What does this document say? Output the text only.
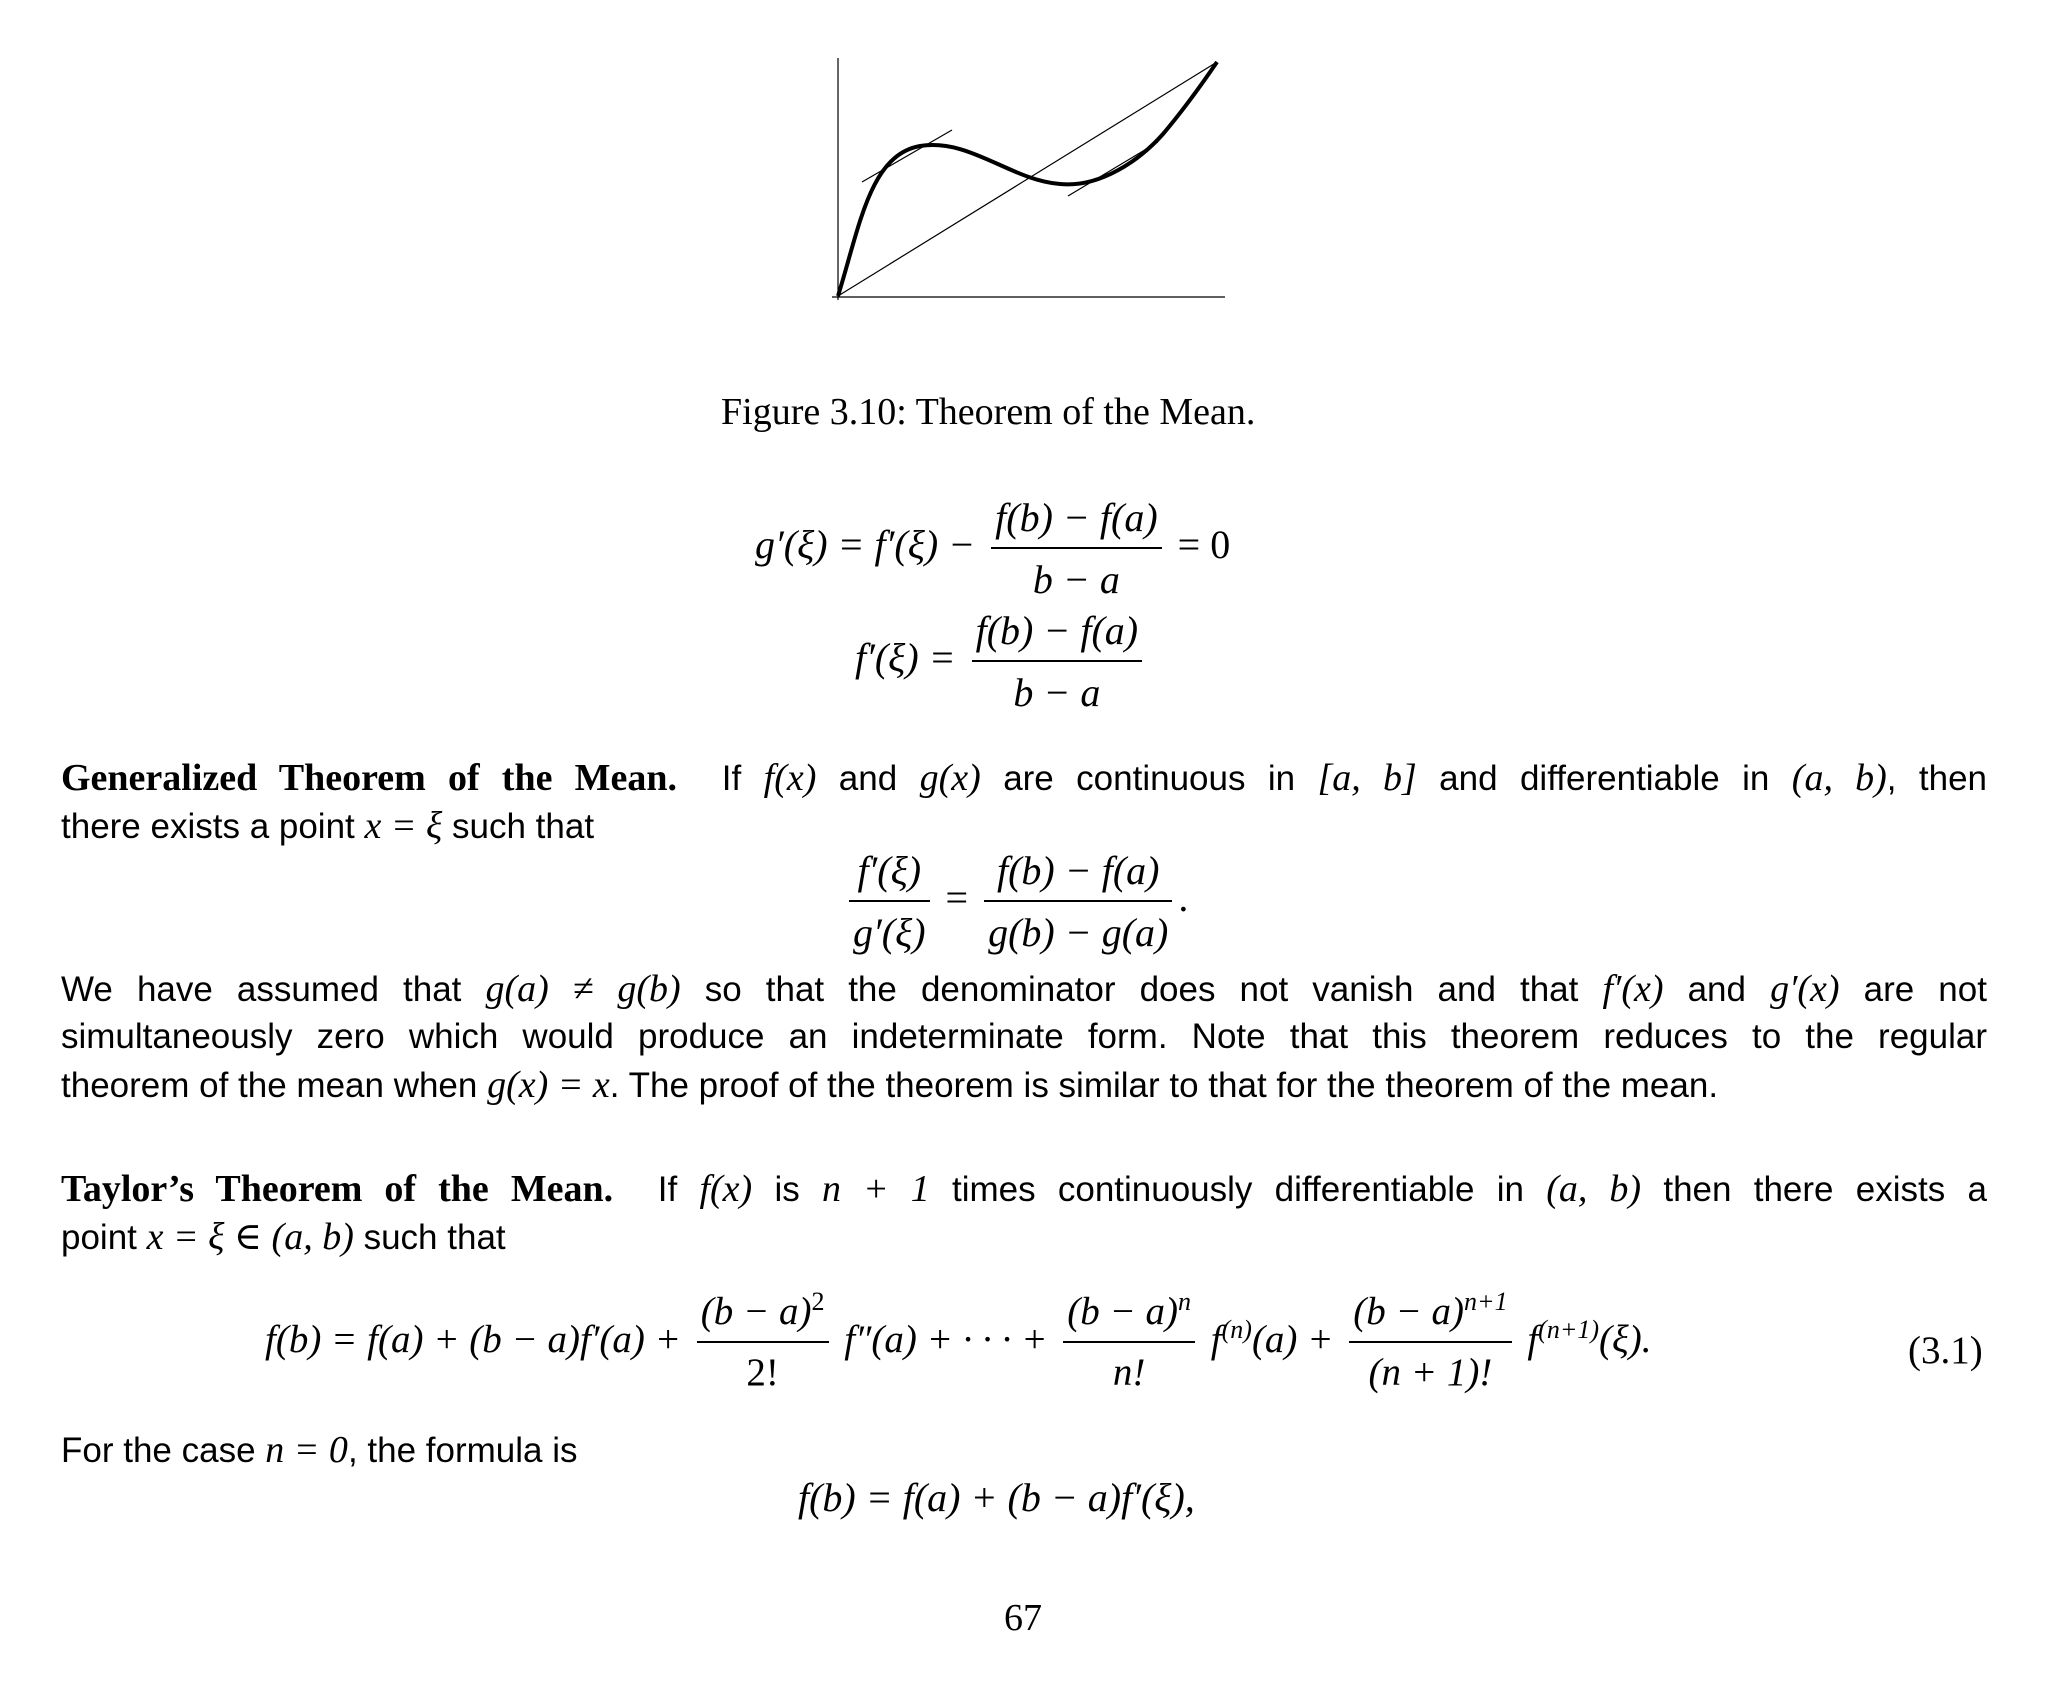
Figure 3.10: Theorem of the Mean.
$g'(\xi) = f'(\xi) - \frac{f(b) - f(a)}{b - a} = 0$
$f'(\xi) = \frac{f(b) - f(a)}{b - a}$
Generalized Theorem of the Mean. If f(x) and g(x) are continuous in [a, b] and differentiable in (a, b), then
there exists a point x = ξ such that
$\frac{f'(\xi)}{g'(\xi)} = \frac{f(b) - f(a)}{g(b) - g(a)}$ .
We have assumed that g(a) ≠ g(b) so that the denominator does not vanish and that f′(x) and g′(x) are not
simultaneously zero which would produce an indeterminate form. Note that this theorem reduces to the regular
theorem of the mean when g(x) = x. The proof of the theorem is similar to that for the theorem of the mean.
Taylor’s Theorem of the Mean. If f(x) is n + 1 times continuously differentiable in (a, b) then there exists a
point x = ξ ∈ (a, b) such that
$f(b) = f(a) + (b - a)f'(a) + \frac{(b - a)^2}{2!} f''(a)$ + · · · + $\frac{(b - a)^n}{n!} f^{(n)}(a) + \frac{(b - a)^{n+1}}{(n + 1)!} f^{(n+1)}(\xi)$.	(3.1)
For the case n = 0, the formula is
f(b) = f(a) + (b − a)f′(ξ),
67
